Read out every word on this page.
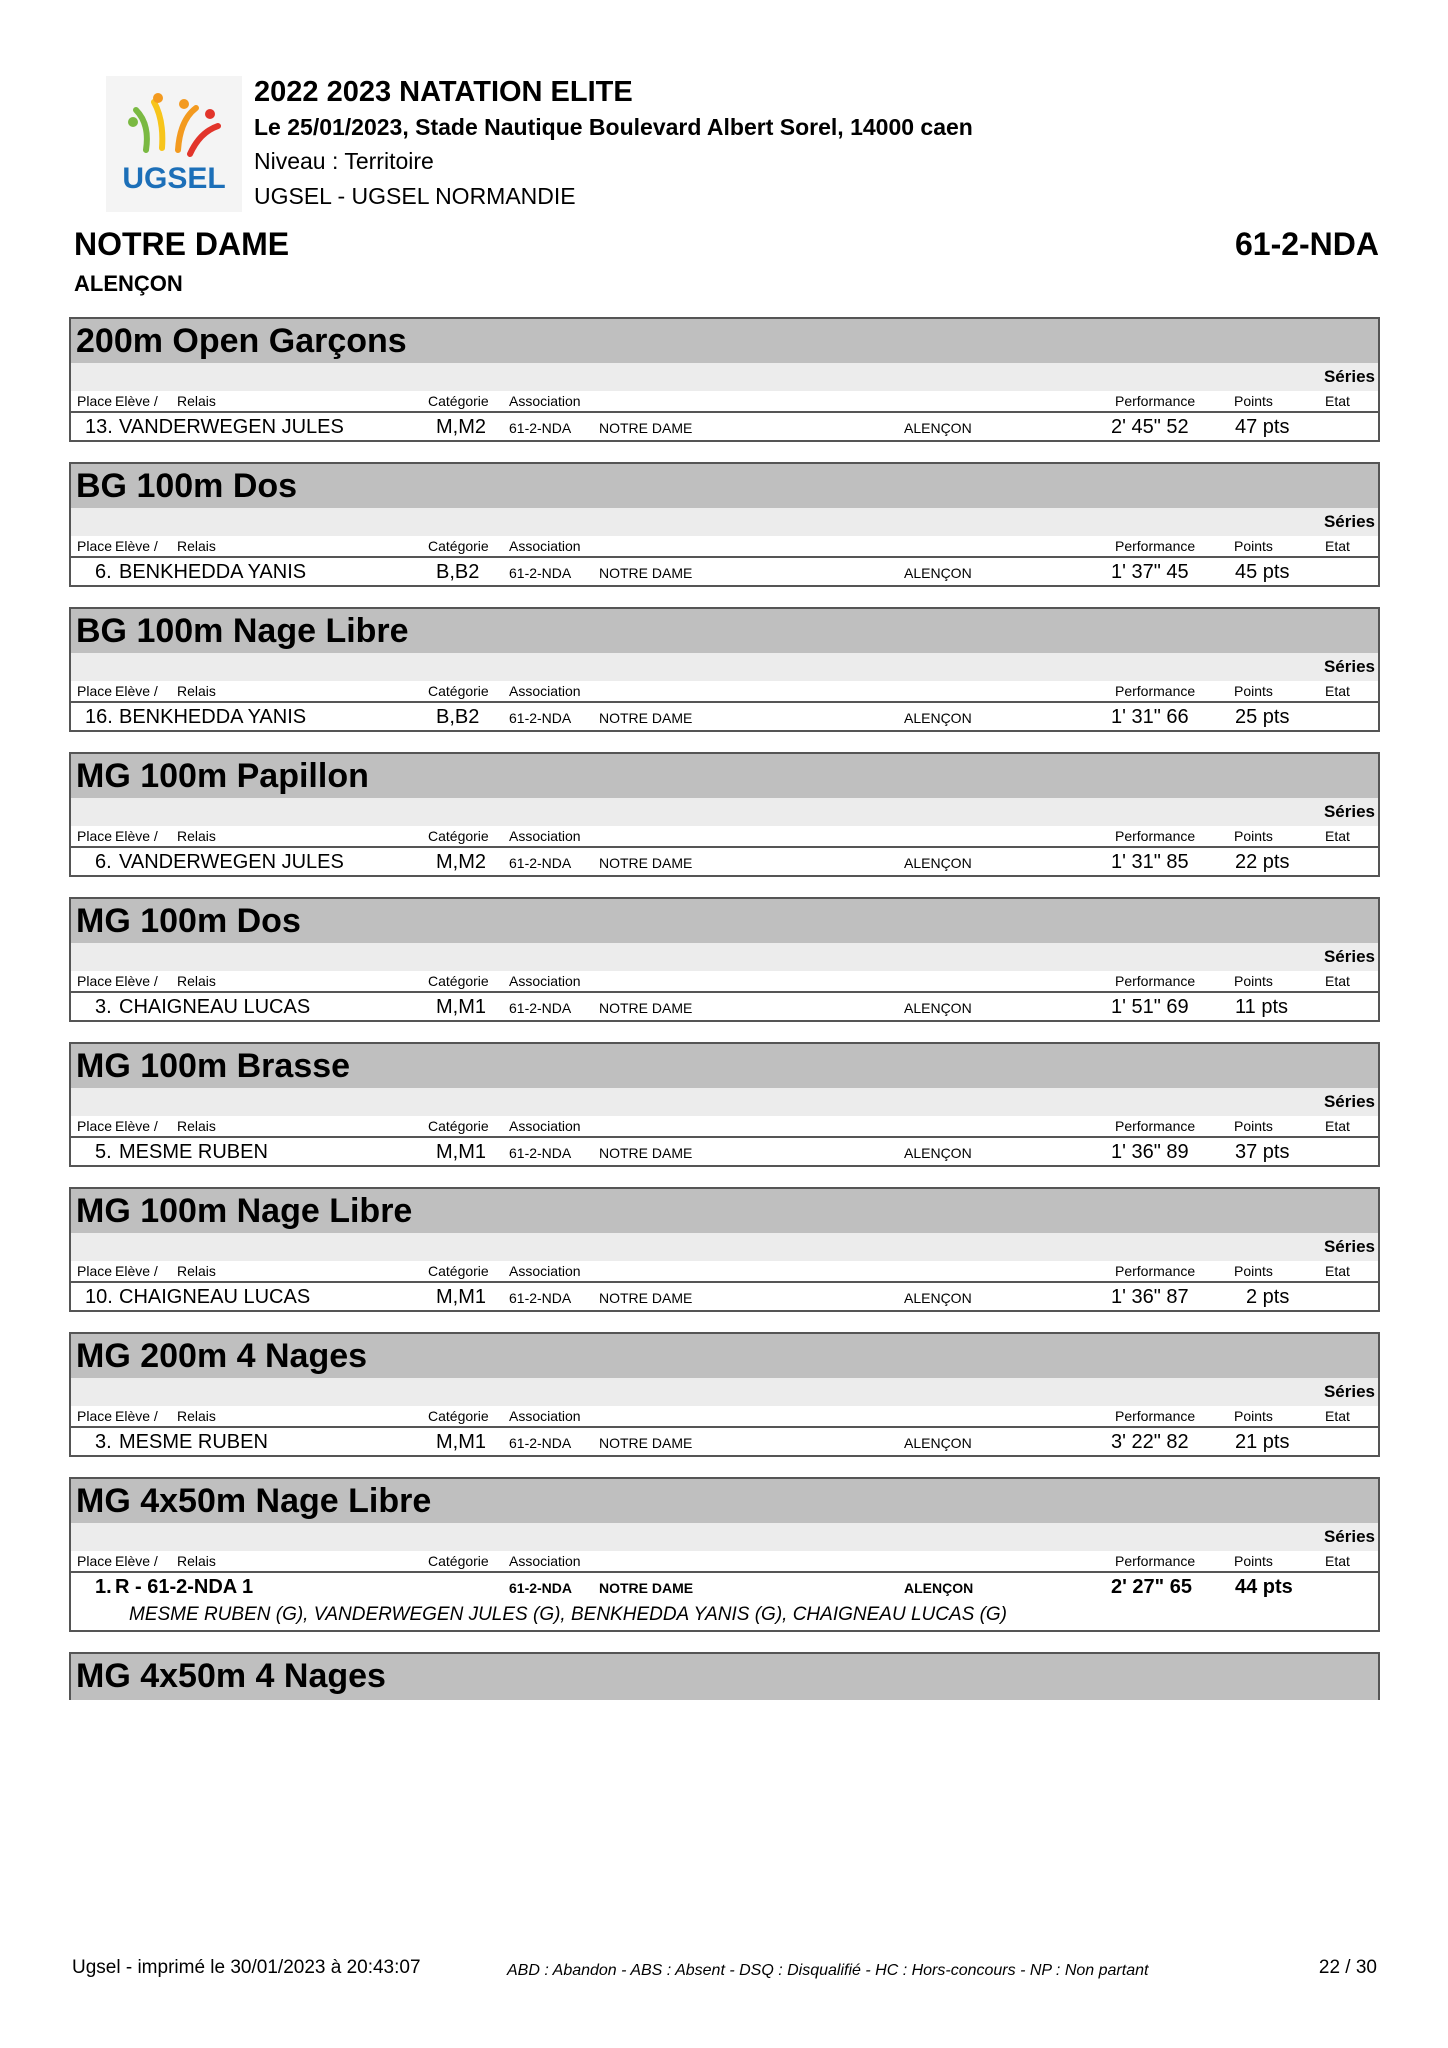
UGSEL
2022 2023 NATATION ELITE
Le 25/01/2023, Stade Nautique Boulevard Albert Sorel, 14000 caen
Niveau : Territoire
UGSEL - UGSEL NORMANDIE
NOTRE DAME
ALENÇON
61-2-NDA
200m Open Garçons
Séries
Place Elève / Relais	Catégorie Association	Performance	Points	Etat
13. VANDERWEGEN JULES	M,M2 61-2-NDA NOTRE DAME	ALENÇON	2' 45" 52 47 pts
BG 100m Dos
Séries
Place Elève / Relais	Catégorie Association	Performance	Points	Etat
6. BENKHEDDA YANIS	B,B2 61-2-NDA NOTRE DAME	ALENÇON	1' 37" 45 45 pts
BG 100m Nage Libre
Séries
Place Elève / Relais	Catégorie Association	Performance	Points	Etat
16. BENKHEDDA YANIS	B,B2 61-2-NDA NOTRE DAME	ALENÇON	1' 31" 66 25 pts
MG 100m Papillon
Séries
Place Elève / Relais	Catégorie Association	Performance	Points	Etat
6. VANDERWEGEN JULES	M,M2 61-2-NDA NOTRE DAME	ALENÇON	1' 31" 85 22 pts
MG 100m Dos
Séries
Place Elève / Relais	Catégorie Association	Performance	Points	Etat
3. CHAIGNEAU LUCAS	M,M1 61-2-NDA NOTRE DAME	ALENÇON	1' 51" 69 11 pts
MG 100m Brasse
Séries
Place Elève / Relais	Catégorie Association	Performance	Points	Etat
5. MESME RUBEN	M,M1 61-2-NDA NOTRE DAME	ALENÇON	1' 36" 89 37 pts
MG 100m Nage Libre
Séries
Place Elève / Relais	Catégorie Association	Performance	Points	Etat
10. CHAIGNEAU LUCAS	M,M1 61-2-NDA NOTRE DAME	ALENÇON	1' 36" 87	2 pts
MG 200m 4 Nages
Séries
Place Elève / Relais	Catégorie Association	Performance	Points	Etat
3. MESME RUBEN	M,M1 61-2-NDA NOTRE DAME	ALENÇON	3' 22" 82 21 pts
MG 4x50m Nage Libre
Séries
Place Elève / Relais	Catégorie Association	Performance	Points	Etat
1. R - 61-2-NDA 1	61-2-NDA NOTRE DAME	ALENÇON	2' 27" 65 44 pts
MESME RUBEN (G), VANDERWEGEN JULES (G), BENKHEDDA YANIS (G), CHAIGNEAU LUCAS (G)
MG 4x50m 4 Nages
Ugsel - imprimé le 30/01/2023 à 20:43:07	ABD : Abandon - ABS : Absent - DSQ : Disqualifié - HC : Hors-concours - NP : Non partant	22 / 30
